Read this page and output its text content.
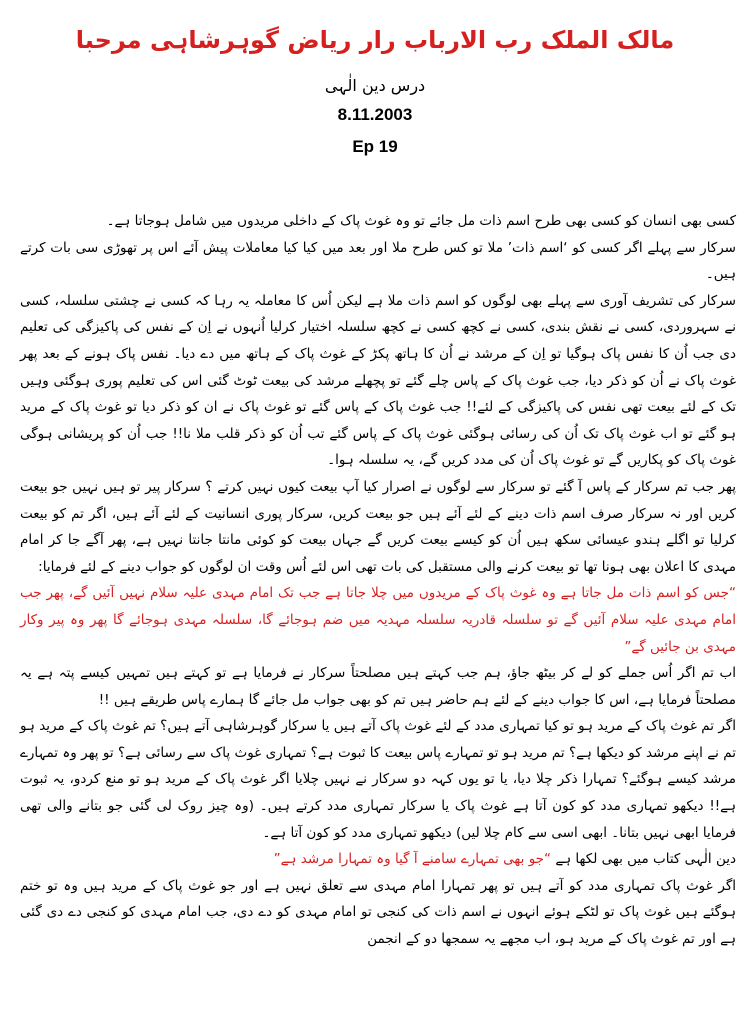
مالک الملک رب الارباب رار ریاض گوہرشاہی مرحبا
درس دین الٰہی
8.11.2003
Ep 19

کسی بھی انسان کو کسی بھی طرح اسم ذات مل جائے تو وہ غوث پاک کے داخلی مریدوں میں شامل ہوجاتا ہے۔

سرکار سے پہلے اگر کسی کو ‘اسم ذات’ ملا تو کس طرح ملا اور بعد میں کیا کیا معاملات پیش آئے اس پر تھوڑی سی بات کرتے ہیں۔

سرکار کی تشریف آوری سے پہلے بھی لوگوں کو اسم ذات ملا ہے لیکن اُس کا معاملہ یہ رہا کہ کسی نے چشتی سلسلہ، کسی نے سہروردی، کسی نے نقش بندی، کسی نے کچھ کسی نے کچھ سلسلہ اختیار کرلیا اُنہوں نے اِن کے نفس کی پاکیزگی کی تعلیم دی جب اُن کا نفس پاک ہوگیا تو اِن کے مرشد نے اُن کا ہاتھ پکڑ کے غوث پاک کے ہاتھ میں دے دیا۔ نفس پاک ہونے کے بعد پھر غوث پاک نے اُن کو ذکر دیا، جب غوث پاک کے پاس چلے گئے تو پچھلے مرشد کی بیعت ٹوٹ گئی اس کی تعلیم پوری ہوگئی وہیں تک کے لئے بیعت تھی نفس کی پاکیزگی کے لئے!! جب غوث پاک کے پاس گئے تو غوث پاک نے ان کو ذکر دیا تو غوث پاک کے مرید ہو گئے تو اب غوث پاک تک اُن کی رسائی ہوگئی غوث پاک کے پاس گئے تب اُن کو ذکر قلب ملا نا!! جب اُن کو پریشانی ہوگی غوث پاک کو پکاریں گے تو غوث پاک اُن کی مدد کریں گے، یہ سلسلہ ہوا۔

پھر جب تم سرکار کے پاس آ گئے تو سرکار سے لوگوں نے اصرار کیا آپ بیعت کیوں نہیں کرتے ؟ سرکار پیر تو ہیں نہیں جو بیعت کریں اور نہ سرکار صرف اسم ذات دینے کے لئے آئے ہیں جو بیعت کریں، سرکار پوری انسانیت کے لئے آئے ہیں، اگر تم کو بیعت کرلیا تو اگلے ہندو عیسائی سکھ ہیں اُن کو کیسے بیعت کریں گے جہاں بیعت کو کوئی مانتا جانتا نہیں ہے، پھر آگے جا کر امام مہدی کا اعلان بھی ہونا تھا تو بیعت کرنے والی مستقبل کی بات تھی اس لئے اُس وقت ان لوگوں کو جواب دینے کے لئے فرمایا:

“جس کو اسم ذات مل جاتا ہے وہ غوث پاک کے مریدوں میں چلا جاتا ہے جب تک امام مہدی علیہ سلام نہیں آئیں گے، پھر جب امام مہدی علیہ سلام آئیں گے تو سلسلہ قادریہ سلسلہ مہدیہ میں ضم ہوجائے گا، سلسلہ مہدی ہوجائے گا پھر وہ پیر وکار مہدی بن جائیں گے”

اب تم اگر اُس جملے کو لے کر بیٹھ جاؤ، ہم جب کہتے ہیں مصلحتاً سرکار نے فرمایا ہے تو کہتے ہیں تمہیں کیسے پتہ ہے یہ مصلحتاً فرمایا ہے، اس کا جواب دینے کے لئے ہم حاضر ہیں تم کو بھی جواب مل جائے گا ہمارے پاس طریقے ہیں !!

اگر تم غوث پاک کے مرید ہو تو کیا تمہاری مدد کے لئے غوث پاک آتے ہیں یا سرکار گوہرشاہی آتے ہیں؟ تم غوث پاک کے مرید ہو تم نے اپنے مرشد کو دیکھا ہے؟ تم مرید ہو تو تمہارے پاس بیعت کا ثبوت ہے؟ تمہاری غوث پاک سے رسائی ہے؟ تو پھر وہ تمہارے مرشد کیسے ہوگئے؟ تمہارا ذکر چلا دیا، یا تو یوں کہہ دو سرکار نے نہیں چلایا اگر غوث پاک کے مرید ہو تو منع کردو، یہ ثبوت ہے!! دیکھو تمہاری مدد کو کون آتا ہے غوث پاک یا سرکار تمہاری مدد کرتے ہیں۔ (وہ چیز روک لی گئی جو بتانے والی تھی فرمایا ابھی نہیں بتانا۔ ابھی اسی سے کام چلا لیں) دیکھو تمہاری مدد کو کون آتا ہے۔

دین الٰہی کتاب میں بھی لکھا ہے “جو بھی تمہارے سامنے آ گیا وہ تمہارا مرشد ہے”

اگر غوث پاک تمہاری مدد کو آتے ہیں تو پھر تمہارا امام مہدی سے تعلق نہیں ہے اور جو غوث پاک کے مرید ہیں وہ تو ختم ہوگئے ہیں غوث پاک تو لٹکے ہوئے انہوں نے اسم ذات کی کنجی تو امام مہدی کو دے دی، جب امام مہدی کو کنجی دے دی گئی ہے اور تم غوث پاک کے مرید ہو، اب مجھے یہ سمجھا دو کے انجمن
